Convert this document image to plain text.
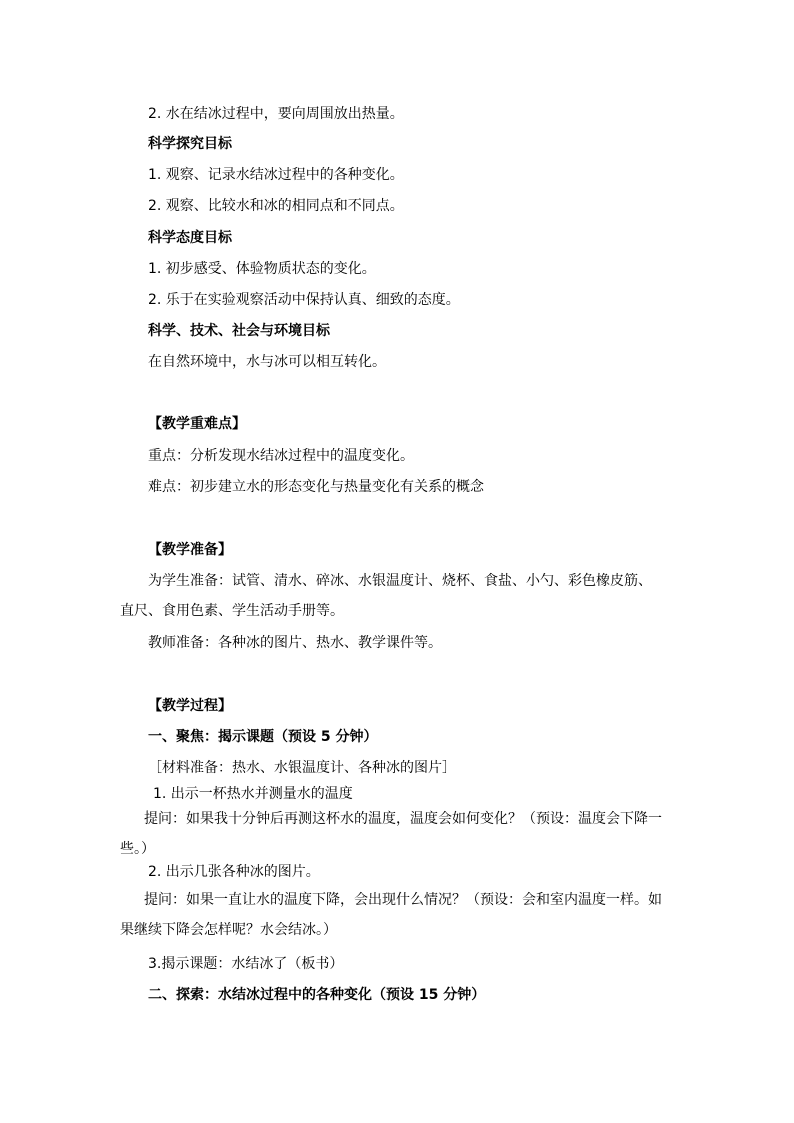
2. 水在结冰过程中，要向周围放出热量。
科学探究目标
1. 观察、记录水结冰过程中的各种变化。
2. 观察、比较水和冰的相同点和不同点。
科学态度目标
1. 初步感受、体验物质状态的变化。
2. 乐于在实验观察活动中保持认真、细致的态度。
科学、技术、社会与环境目标
在自然环境中，水与冰可以相互转化。
【教学重难点】
重点：分析发现水结冰过程中的温度变化。
难点：初步建立水的形态变化与热量变化有关系的概念
【教学准备】
为学生准备：试管、清水、碎冰、水银温度计、烧杯、食盐、小勺、彩色橡皮筋、直尺、食用色素、学生活动手册等。
教师准备：各种冰的图片、热水、教学课件等。
【教学过程】
一、聚焦：揭示课题（预设 5 分钟）
［材料准备：热水、水银温度计、各种冰的图片］
1. 出示一杯热水并测量水的温度
提问：如果我十分钟后再测这杯水的温度，温度会如何变化？（预设：温度会下降一些。）
2. 出示几张各种冰的图片。
提问：如果一直让水的温度下降，会出现什么情况？（预设：会和室内温度一样。如果继续下降会怎样呢？水会结冰。）
3.揭示课题：水结冰了（板书）
二、探索：水结冰过程中的各种变化（预设 15 分钟）
